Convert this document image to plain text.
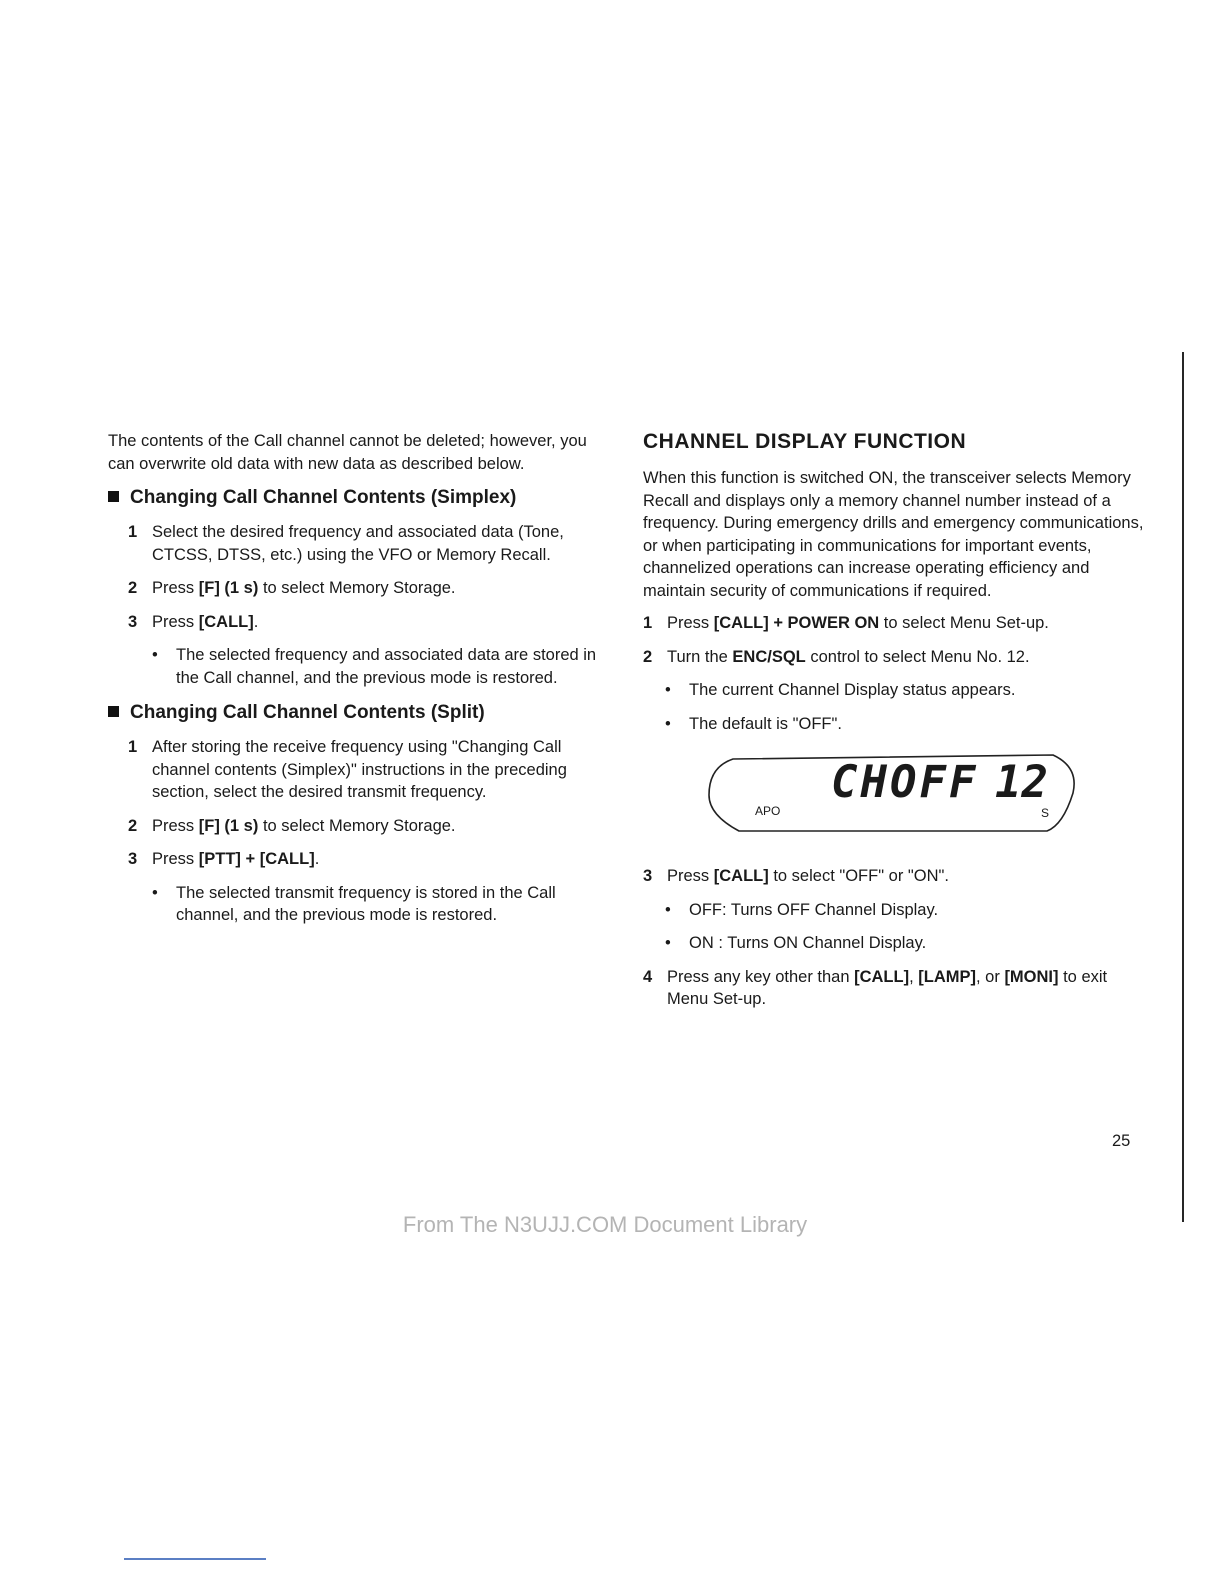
The contents of the Call channel cannot be deleted; however, you can overwrite old data with new data as described below.

Changing Call Channel Contents (Simplex)
1 Select the desired frequency and associated data (Tone, CTCSS, DTSS, etc.) using the VFO or Memory Recall.
2 Press [F] (1 s) to select Memory Storage.
3 Press [CALL].
•
The selected frequency and associated data are stored in the Call channel, and the previous mode is restored.
Changing Call Channel Contents (Split)
1 After storing the receive frequency using "Changing Call channel contents (Simplex)" instructions in the preceding section, select the desired transmit frequency.
2 Press [F] (1 s) to select Memory Storage.
3 Press [PTT] + [CALL].
•
The selected transmit frequency is stored in the Call channel, and the previous mode is restored.
CHANNEL DISPLAY FUNCTION

When this function is switched ON, the transceiver selects Memory Recall and displays only a memory channel number instead of a frequency. During emergency drills and emergency communications, or when participating in communications for important events, channelized operations can increase operating efficiency and maintain security of communications if required.

1 Press [CALL] + POWER ON to select Menu Set-up.
2 Turn the ENC/SQL control to select Menu No. 12.
•
The current Channel Display status appears.
•
The default is "OFF".
CHOFF 12
APO	S
3 Press [CALL] to select "OFF" or "ON".
•
OFF: Turns OFF Channel Display.
•
ON : Turns ON Channel Display.
4 Press any key other than [CALL], [LAMP], or [MONI] to exit Menu Set-up.
25
From The N3UJJ.COM Document Library
